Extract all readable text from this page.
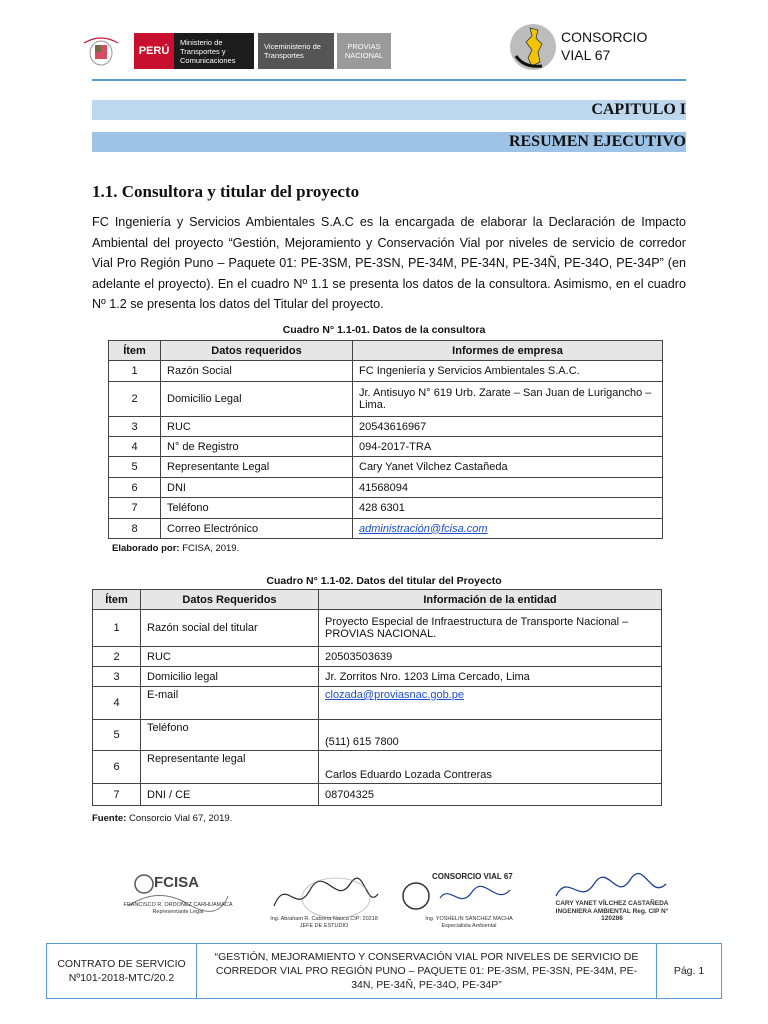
PERÚ
Ministerio de Transportes y Comunicaciones
Viceministerio de Transportes
PROVIAS NACIONAL
CONSORCIO
VIAL 67
CAPITULO I
RESUMEN EJECUTIVO
1.1. Consultora y titular del proyecto
FC Ingeniería y Servicios Ambientales S.A.C es la encargada de elaborar la Declaración de Impacto Ambiental del proyecto “Gestión, Mejoramiento y Conservación Vial por niveles de servicio de corredor Vial Pro Región Puno – Paquete 01: PE-3SM, PE-3SN, PE-34M, PE-34N, PE-34Ñ, PE-34O, PE-34P” (en adelante el proyecto). En el cuadro Nº 1.1 se presenta los datos de la consultora. Asimismo, en el cuadro Nº 1.2 se presenta los datos del Titular del proyecto.
Cuadro N° 1.1-01. Datos de la consultora
Ítem	Datos requeridos	Informes de empresa
1	Razón Social	FC Ingeniería y Servicios Ambientales S.A.C.
2	Domicilio Legal	Jr. Antisuyo N° 619 Urb. Zarate – San Juan de Lurigancho – Lima.
3	RUC	20543616967
4	N° de Registro	094-2017-TRA
5	Representante Legal	Cary Yanet Vilchez Castañeda
6	DNI	41568094
7	Teléfono	428 6301
8	Correo Electrónico	administración@fcisa.com
Elaborado por: FCISA, 2019.
Cuadro N° 1.1-02. Datos del titular del Proyecto
Ítem	Datos Requeridos	Información de la entidad
1	Razón social del titular	Proyecto Especial de Infraestructura de Transporte Nacional – PROVIAS NACIONAL.
2	RUC	20503503639
3	Domicilio legal	Jr. Zorritos Nro. 1203 Lima Cercado, Lima
4	E-mail	clozada@proviasnac.gob.pe
5	Teléfono	(511) 615 7800
6	Representante legal	Carlos Eduardo Lozada Contreras
7	DNI / CE	08704325
Fuente: Consorcio Vial 67, 2019.
FCISA
FRANCISCO R. ORDOÑEZ CARHUAMACA Representante Legal
Ing. Abraham R. Cabrera Nauca CIP: 20218 JEFE DE ESTUDIO
CONSORCIO VIAL 67
Ing. YOSHELIN SÁNCHEZ MACHA Especialista Ambiental
CARY YANET VÍLCHEZ CASTAÑEDA INGENIERA AMBIENTAL Reg. CIP N° 120286
CONTRATO DE SERVICIO Nº101-2018-MTC/20.2
“GESTIÓN, MEJORAMIENTO Y CONSERVACIÓN VIAL POR NIVELES DE SERVICIO DE CORREDOR VIAL PRO REGIÓN PUNO – PAQUETE 01: PE-3SM, PE-3SN, PE-34M, PE-34N, PE-34Ñ, PE-34O, PE-34P”
Pág. 1
